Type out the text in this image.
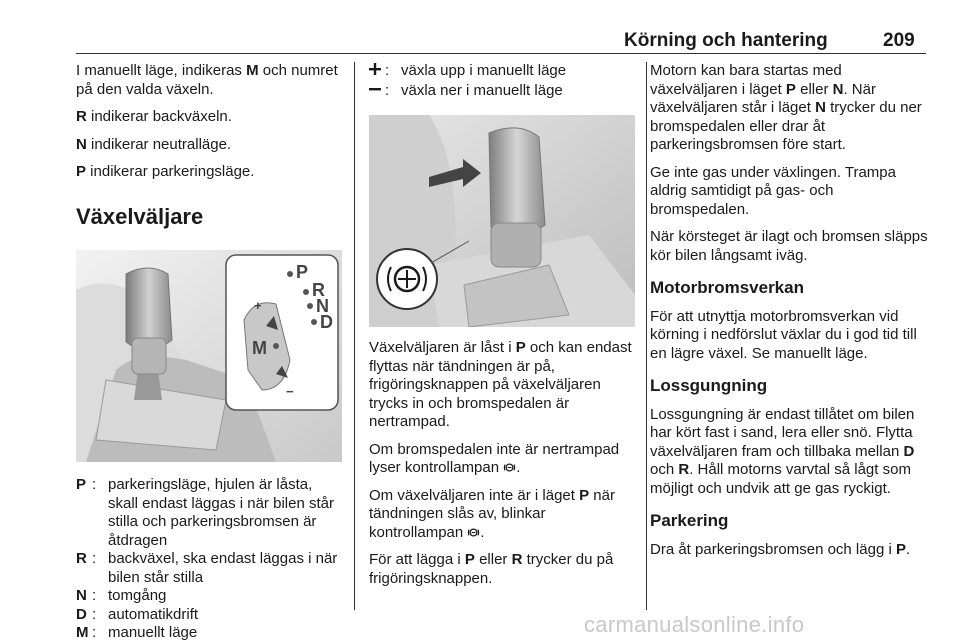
Körning och hantering	209

I manuellt läge, indikeras M och numret på den valda växeln.

R indikerar backväxeln.

N indikerar neutralläge.

P indikerar parkeringsläge.

Växelväljare
P
R
N
D
M
+
−
P : parkeringsläge, hjulen är låsta, skall endast läggas i när bilen står stilla och parkeringsbromsen är åtdragen
R : backväxel, ska endast läggas i när bilen står stilla
N : tomgång
D : automatikdrift
M : manuellt läge
: växla upp i manuellt läge
: växla ner i manuellt läge

Växelväljaren är låst i P och kan endast flyttas när tändningen är på, frigöringsknappen på växelväljaren trycks in och bromspedalen är nertrampad.

Om bromspedalen inte är nertrampad lyser kontrollampan .

Om växelväljaren inte är i läget P när tändningen slås av, blinkar kontrollampan .

För att lägga i P eller R trycker du på frigöringsknappen.

Motorn kan bara startas med växelväljaren i läget P eller N. När växelväljaren står i läget N trycker du ner bromspedalen eller drar åt parkeringsbromsen före start.

Ge inte gas under växlingen. Trampa aldrig samtidigt på gas- och bromspedalen.

När körsteget är ilagt och bromsen släpps kör bilen långsamt iväg.

Motorbromsverkan

För att utnyttja motorbromsverkan vid körning i nedförslut växlar du i god tid till en lägre växel. Se manuellt läge.

Lossgungning

Lossgungning är endast tillåtet om bilen har kört fast i sand, lera eller snö. Flytta växelväljaren fram och tillbaka mellan D och R. Håll motorns varvtal så lågt som möjligt och undvik att ge gas ryckigt.

Parkering

Dra åt parkeringsbromsen och lägg i P.

carmanualsonline.info
